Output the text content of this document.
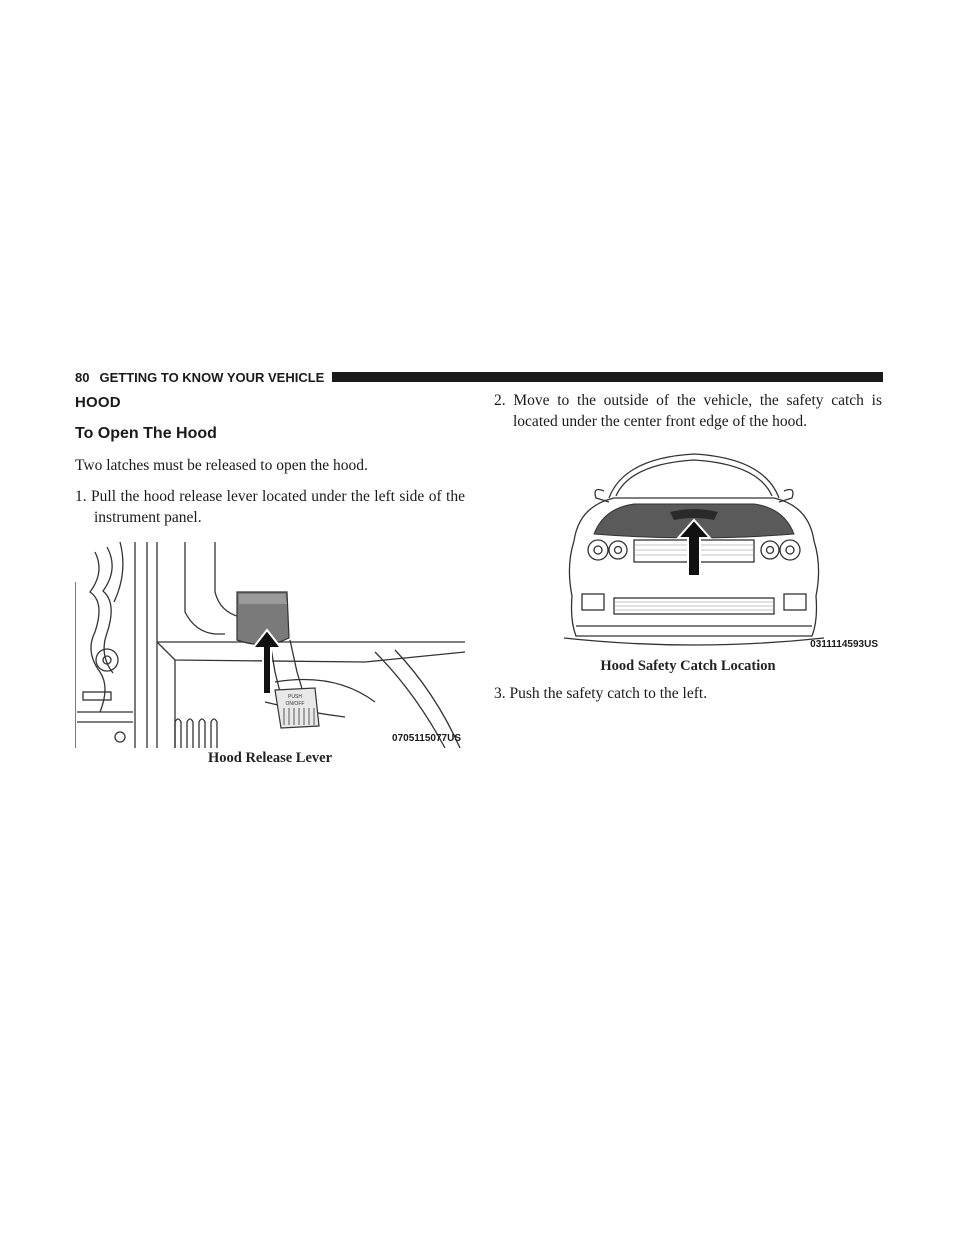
80 GETTING TO KNOW YOUR VEHICLE
HOOD
To Open The Hood

Two latches must be released to open the hood.

1. Pull the hood release lever located under the left side of the instrument panel.

PUSH
ON/OFF
0705115077US
Hood Release Lever

2. Move to the outside of the vehicle, the safety catch is located under the center front edge of the hood.

0311114593US
Hood Safety Catch Location

3. Push the safety catch to the left.
